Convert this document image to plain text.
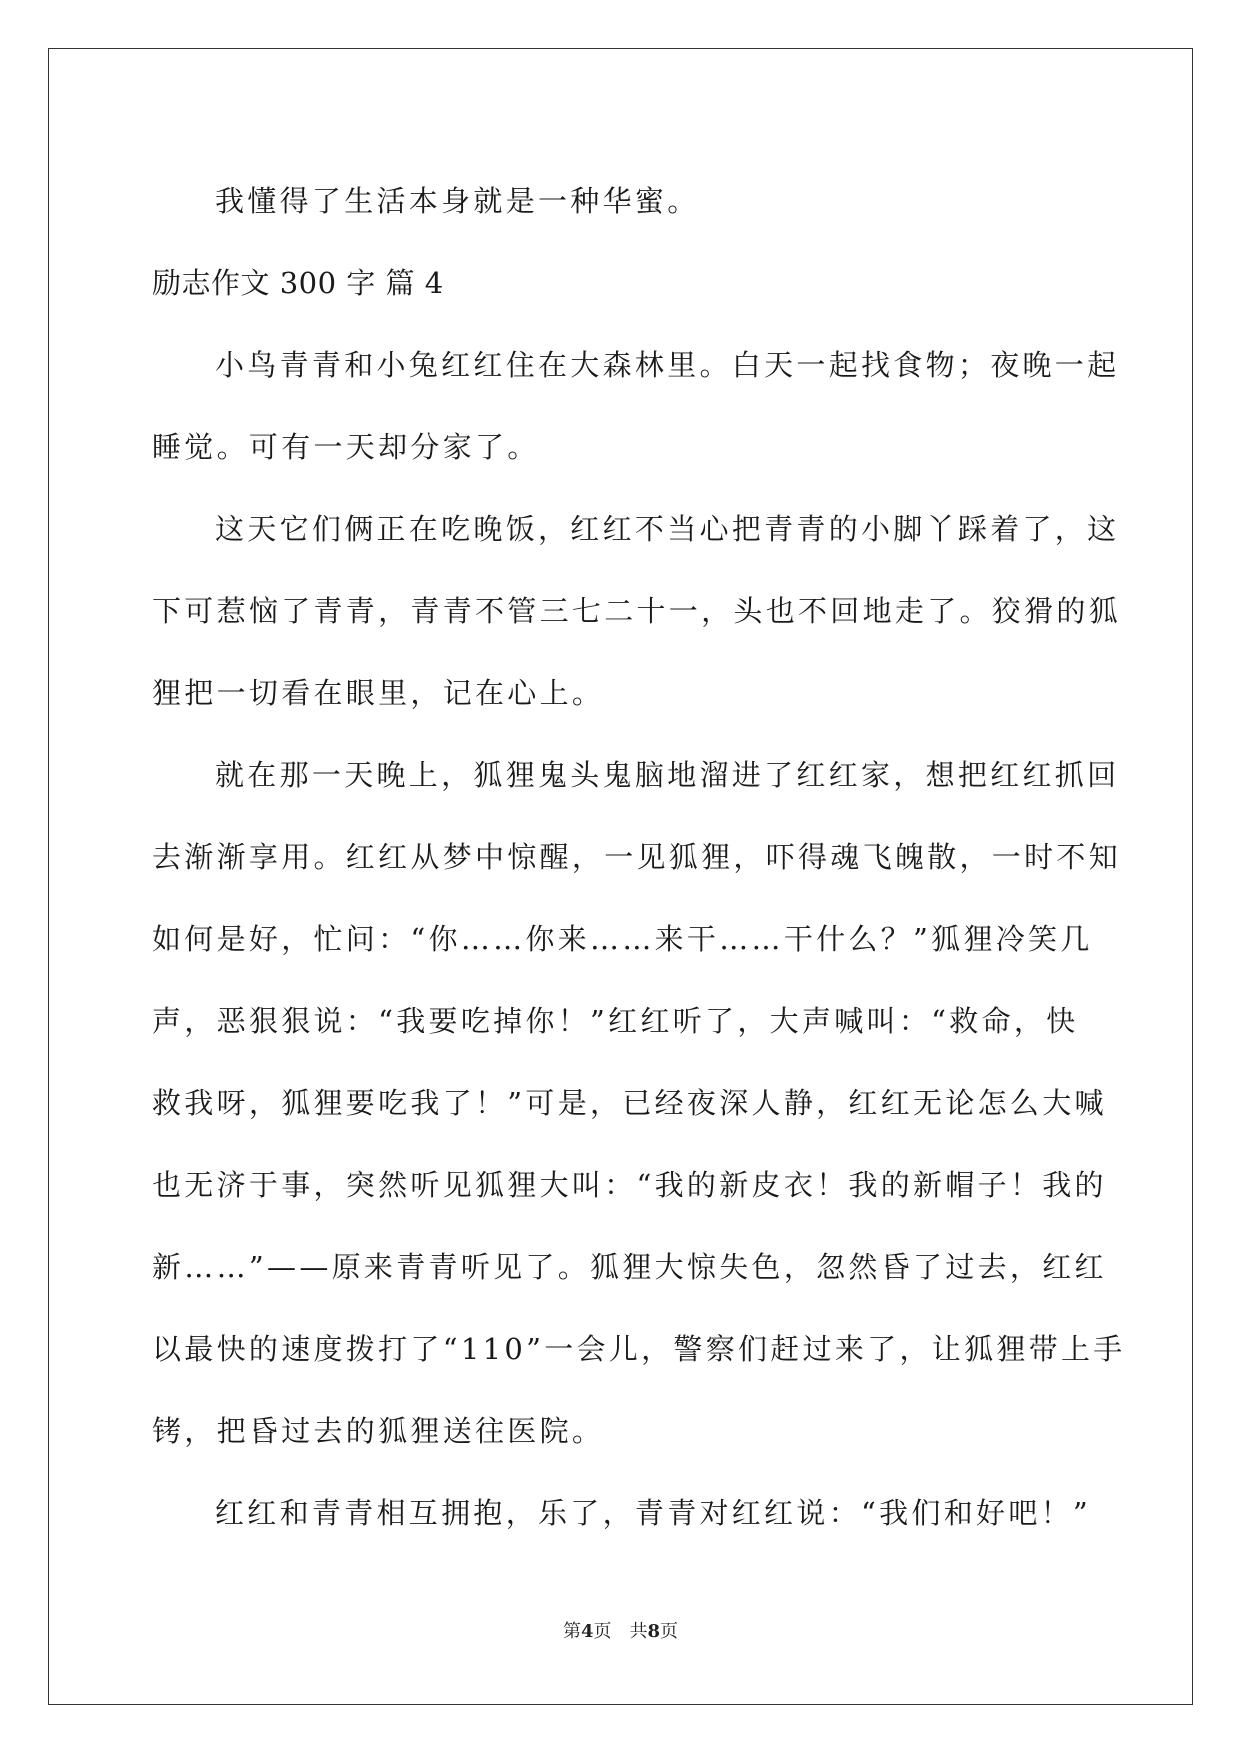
我懂得了生活本身就是一种华蜜。
励志作文 300 字 篇 4
小鸟青青和小兔红红住在大森林里。白天一起找食物；夜晚一起
睡觉。可有一天却分家了。
这天它们俩正在吃晚饭，红红不当心把青青的小脚丫踩着了，这
下可惹恼了青青，青青不管三七二十一，头也不回地走了。狡猾的狐
狸把一切看在眼里，记在心上。
就在那一天晚上，狐狸鬼头鬼脑地溜进了红红家，想把红红抓回
去渐渐享用。红红从梦中惊醒，一见狐狸，吓得魂飞魄散，一时不知
如何是好，忙问：“你……你来……来干……干什么？”狐狸冷笑几
声，恶狠狠说：“我要吃掉你！”红红听了，大声喊叫：“救命，快
救我呀，狐狸要吃我了！”可是，已经夜深人静，红红无论怎么大喊
也无济于事，突然听见狐狸大叫：“我的新皮衣！我的新帽子！我的
新……”——原来青青听见了。狐狸大惊失色，忽然昏了过去，红红
以最快的速度拨打了“110”一会儿，警察们赶过来了，让狐狸带上手
铐，把昏过去的狐狸送往医院。
红红和青青相互拥抱，乐了，青青对红红说：“我们和好吧！”
第4页　共8页
